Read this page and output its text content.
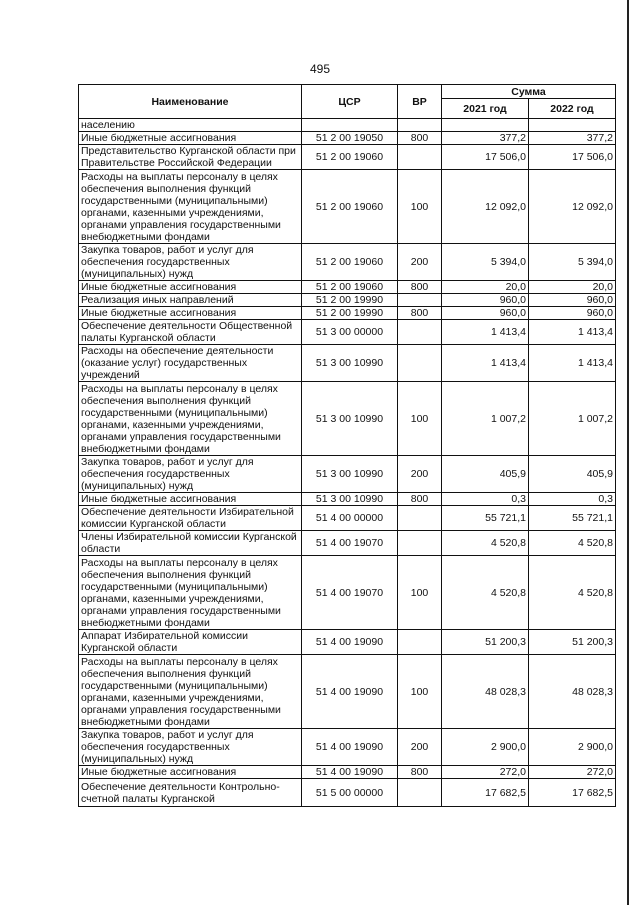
495
Наименование	ЦСР	ВР	Сумма	
			2021 год	2022 год
населению				
Иные бюджетные ассигнования	51 2 00 19050	800	377,2	377,2
Представительство Курганской области при Правительстве Российской Федерации	51 2 00 19060		17 506,0	17 506,0
Расходы на выплаты персоналу в целях обеспечения выполнения функций государственными (муниципальными) органами, казенными учреждениями, органами управления государственными внебюджетными фондами	51 2 00 19060	100	12 092,0	12 092,0
Закупка товаров, работ и услуг для обеспечения государственных (муниципальных) нужд	51 2 00 19060	200	5 394,0	5 394,0
Иные бюджетные ассигнования	51 2 00 19060	800	20,0	20,0
Реализация иных направлений	51 2 00 19990		960,0	960,0
Иные бюджетные ассигнования	51 2 00 19990	800	960,0	960,0
Обеспечение деятельности Общественной палаты Курганской области	51 3 00 00000		1 413,4	1 413,4
Расходы на обеспечение деятельности (оказание услуг) государственных учреждений	51 3 00 10990		1 413,4	1 413,4
Расходы на выплаты персоналу в целях обеспечения выполнения функций государственными (муниципальными) органами, казенными учреждениями, органами управления государственными внебюджетными фондами	51 3 00 10990	100	1 007,2	1 007,2
Закупка товаров, работ и услуг для обеспечения государственных (муниципальных) нужд	51 3 00 10990	200	405,9	405,9
Иные бюджетные ассигнования	51 3 00 10990	800	0,3	0,3
Обеспечение деятельности Избирательной комиссии Курганской области	51 4 00 00000		55 721,1	55 721,1
Члены Избирательной комиссии Курганской области	51 4 00 19070		4 520,8	4 520,8
Расходы на выплаты персоналу в целях обеспечения выполнения функций государственными (муниципальными) органами, казенными учреждениями, органами управления государственными внебюджетными фондами	51 4 00 19070	100	4 520,8	4 520,8
Аппарат Избирательной комиссии Курганской области	51 4 00 19090		51 200,3	51 200,3
Расходы на выплаты персоналу в целях обеспечения выполнения функций государственными (муниципальными) органами, казенными учреждениями, органами управления государственными внебюджетными фондами	51 4 00 19090	100	48 028,3	48 028,3
Закупка товаров, работ и услуг для обеспечения государственных (муниципальных) нужд	51 4 00 19090	200	2 900,0	2 900,0
Иные бюджетные ассигнования	51 4 00 19090	800	272,0	272,0
Обеспечение деятельности Контрольно-счетной палаты Курганской	51 5 00 00000		17 682,5	17 682,5
